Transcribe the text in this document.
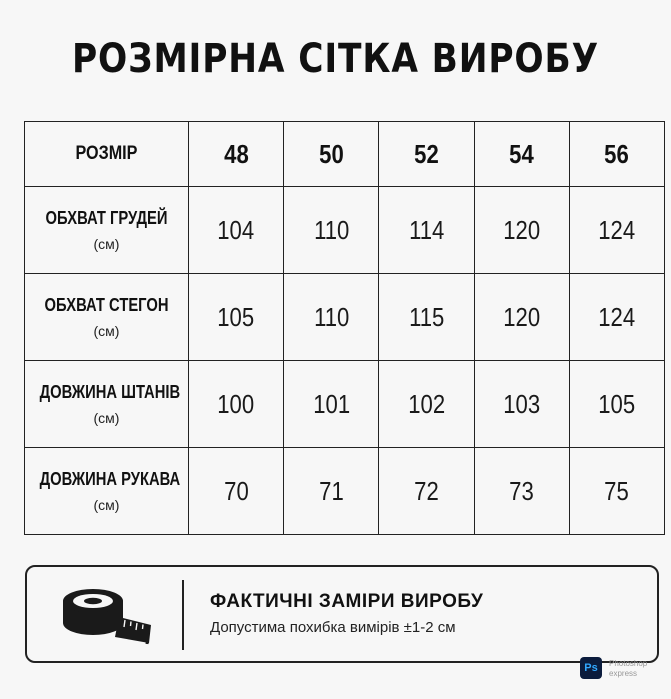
РОЗМІРНА СІТКА ВИРОБУ
РОЗМІР	48	50	52	54	56

ОБХВАТ ГРУДЕЙ
(см)	104	110	114	120	124

ОБХВАТ СТЕГОН
(см)	105	110	115	120	124

ДОВЖИНА ШТАНІВ
(см)	100	101	102	103	105

ДОВЖИНА РУКАВА
(см)	70	71	72	73	75
ФАКТИЧНІ ЗАМІРИ ВИРОБУ
Допустима похибка вимірів ±1-2 см
Ps	Photoshop
express
